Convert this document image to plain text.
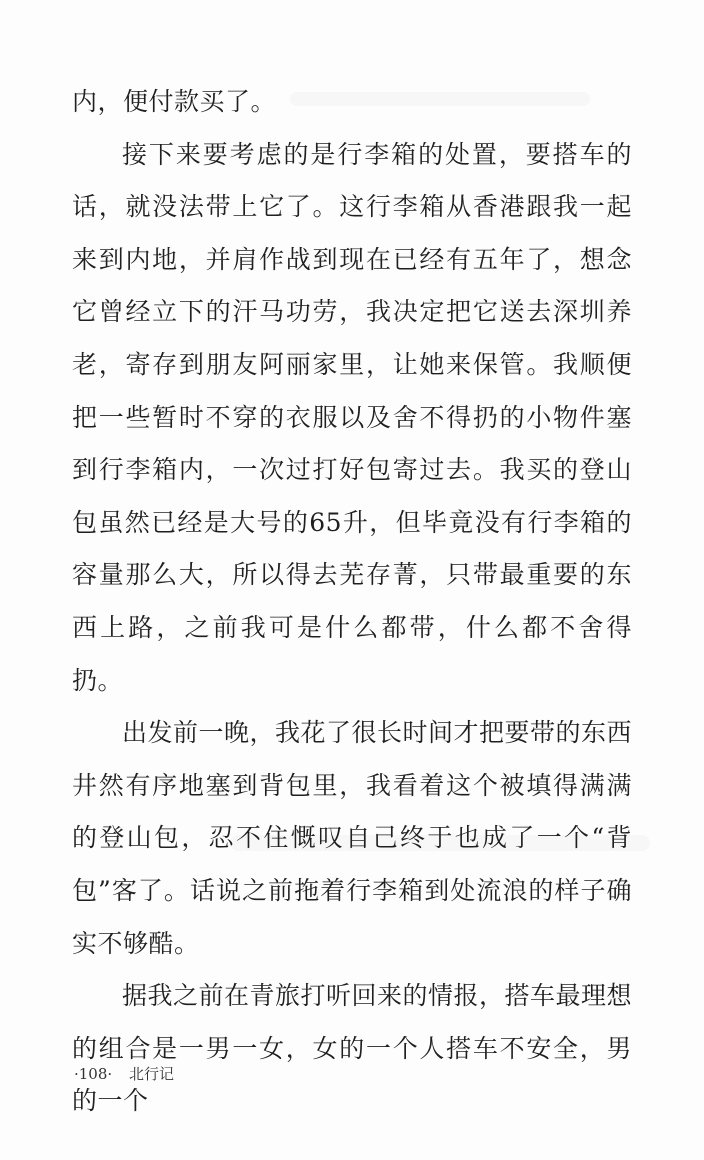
内，便付款买了。

接下来要考虑的是行李箱的处置，要搭车的话，就没法带上它了。这行李箱从香港跟我一起来到内地，并肩作战到现在已经有五年了，想念它曾经立下的汗马功劳，我决定把它送去深圳养老，寄存到朋友阿丽家里，让她来保管。我顺便把一些暂时不穿的衣服以及舍不得扔的小物件塞到行李箱内，一次过打好包寄过去。我买的登山包虽然已经是大号的65升，但毕竟没有行李箱的容量那么大，所以得去芜存菁，只带最重要的东西上路，之前我可是什么都带，什么都不舍得扔。

出发前一晚，我花了很长时间才把要带的东西井然有序地塞到背包里，我看着这个被填得满满的登山包，忍不住慨叹自己终于也成了一个“背包”客了。话说之前拖着行李箱到处流浪的样子确实不够酷。

据我之前在青旅打听回来的情报，搭车最理想的组合是一男一女，女的一个人搭车不安全，男的一个

·108· 北行记
